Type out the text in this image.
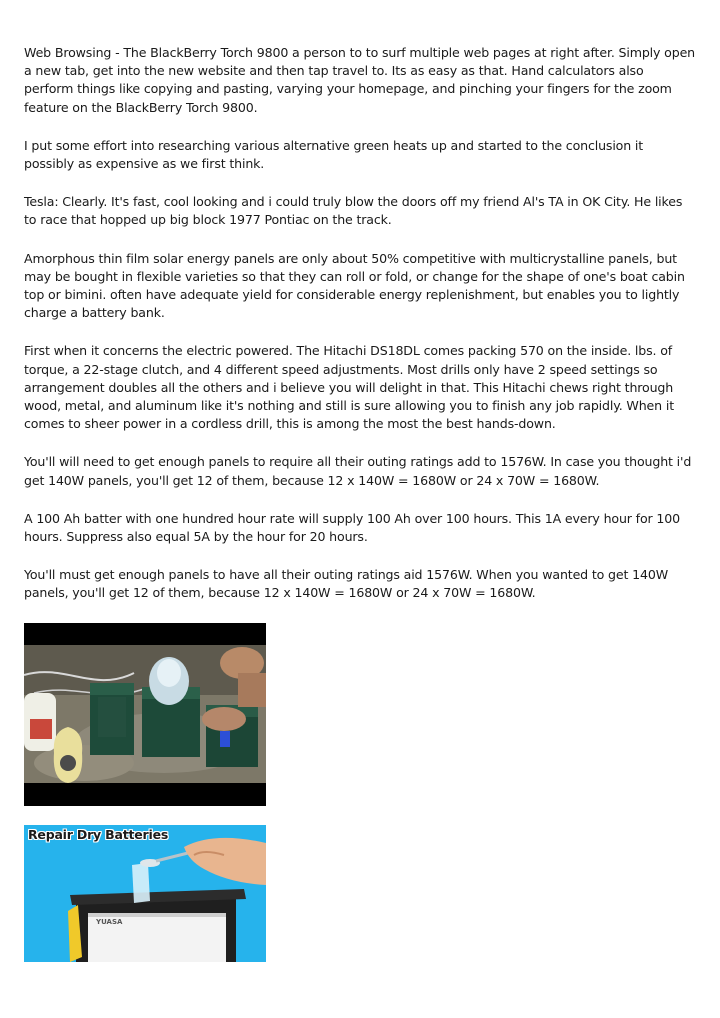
Web Browsing - The BlackBerry Torch 9800 a person to to surf multiple web pages at right after. Simply open a new tab, get into the new website and then tap travel to. Its as easy as that. Hand calculators also perform things like copying and pasting, varying your homepage, and pinching your fingers for the zoom feature on the BlackBerry Torch 9800.

I put some effort into researching various alternative green heats up and started to the conclusion it possibly as expensive as we first think.

Tesla: Clearly. It's fast, cool looking and i could truly blow the doors off my friend Al's TA in OK City. He likes to race that hopped up big block 1977 Pontiac on the track.

Amorphous thin film solar energy panels are only about 50% competitive with multicrystalline panels, but may be bought in flexible varieties so that they can roll or fold, or change for the shape of one's boat cabin top or bimini. often have adequate yield for considerable energy replenishment, but enables you to lightly charge a battery bank.

First when it concerns the electric powered. The Hitachi DS18DL comes packing 570 on the inside. lbs. of torque, a 22-stage clutch, and 4 different speed adjustments. Most drills only have 2 speed settings so arrangement doubles all the others and i believe you will delight in that. This Hitachi chews right through wood, metal, and aluminum like it's nothing and still is sure allowing you to finish any job rapidly. When it comes to sheer power in a cordless drill, this is among the most the best hands-down.

You'll will need to get enough panels to require all their outing ratings add to 1576W. In case you thought i'd get 140W panels, you'll get 12 of them, because 12 x 140W = 1680W or 24 x 70W = 1680W.

A 100 Ah batter with one hundred hour rate will supply 100 Ah over 100 hours. This 1A every hour for 100 hours. Suppress also equal 5A by the hour for 20 hours.

You'll must get enough panels to have all their outing ratings aid 1576W. When you wanted to get 140W panels, you'll get 12 of them, because 12 x 140W = 1680W or 24 x 70W = 1680W.

Repair Dry Batteries
YUASA
